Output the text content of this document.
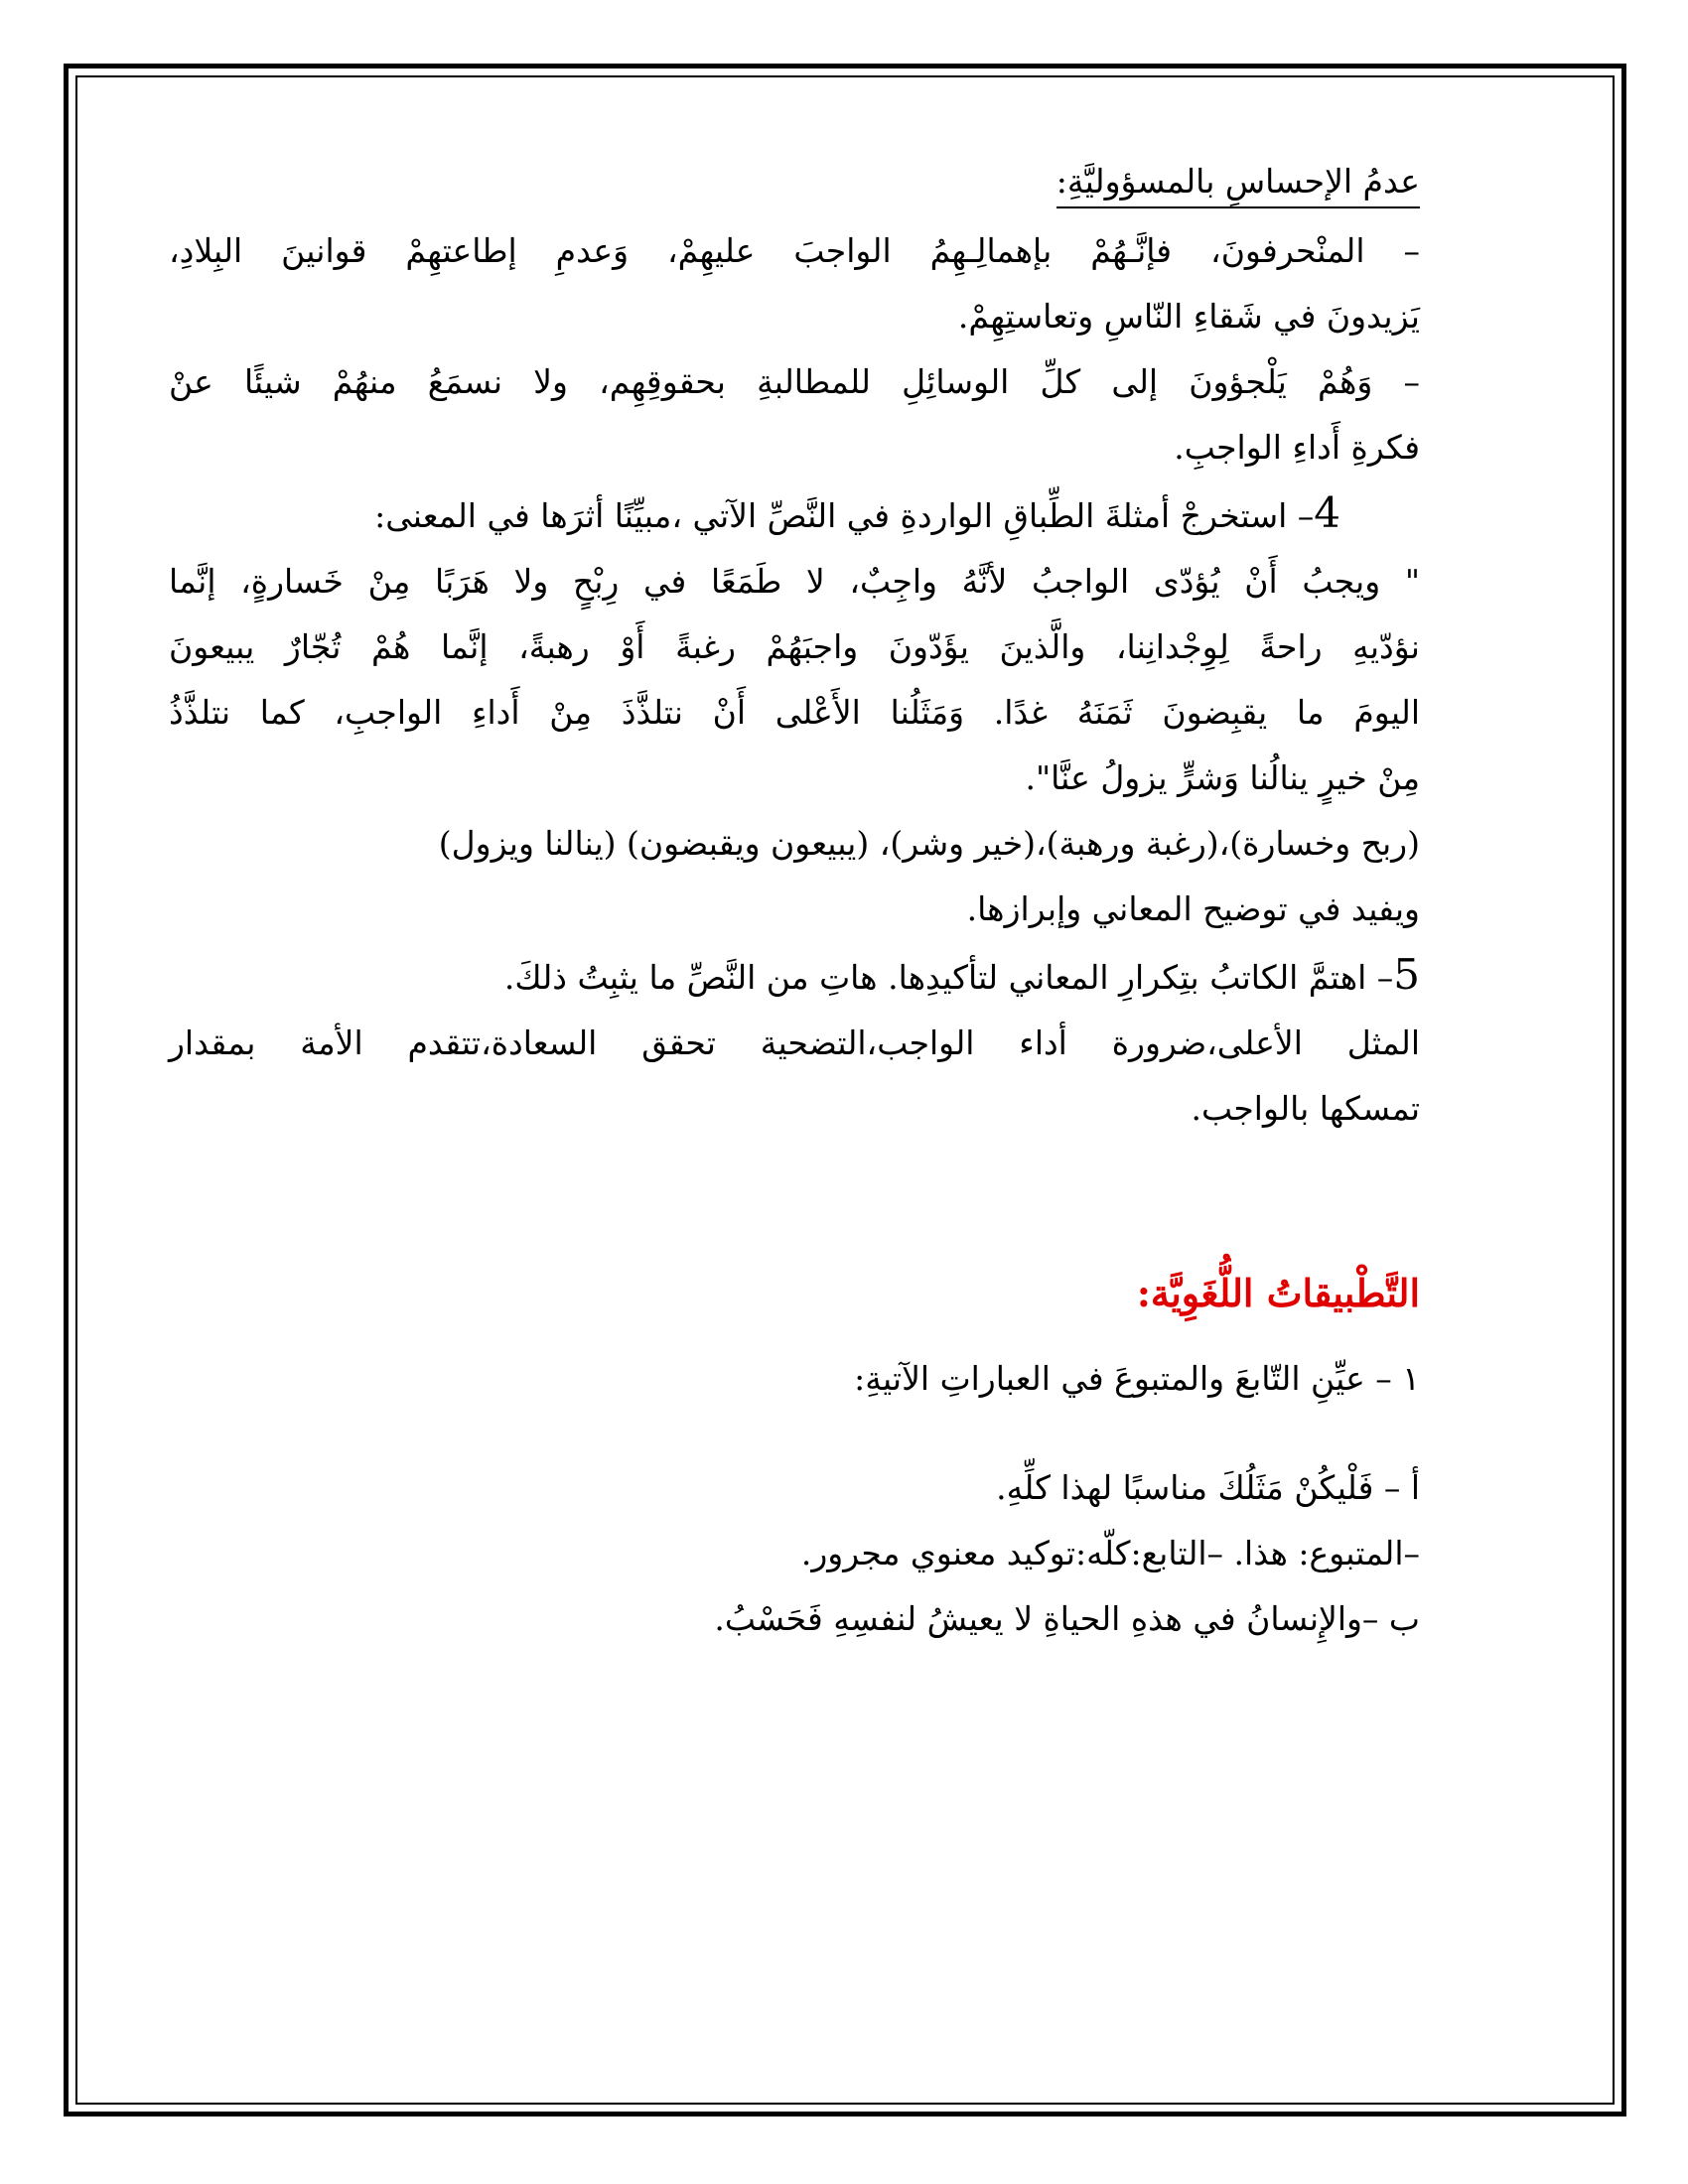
عدمُ الإحساسِ بالمسؤوليَّةِ:
– المنْحرفونَ، فإنَّـهُمْ بإهمالِـهِمُ الواجبَ عليهِمْ، وَعدمِ إطاعتهِمْ قوانينَ البِلادِ،
يَزيدونَ في شَقاءِ النّاسِ وتعاستِهِمْ.
– وَهُمْ يَلْجؤونَ إلى كلِّ الوسائِلِ للمطالبةِ بحقوقِهِم، ولا نسمَعُ منهُمْ شيئًا عنْ
فكرةِ أَداءِ الواجبِ.
4– استخرجْ أمثلةَ الطِّباقِ الواردةِ في النَّصِّ الآتي ،مبيِّنًا أثرَها في المعنى:
" ويجبُ أَنْ يُؤدّى الواجبُ لأنَّهُ واجِبٌ، لا طَمَعًا في رِبْحٍ ولا هَرَبًا مِنْ خَسارةٍ، إنَّما
نؤدّيهِ راحةً لِوِجْدانِنا، والَّذينَ يؤَدّونَ واجبَهُمْ رغبةً أَوْ رهبةً، إنَّما هُمْ تُجّارٌ يبيعونَ
اليومَ ما يقبِضونَ ثَمَنَهُ غدًا. وَمَثَلُنا الأَعْلى أَنْ نتلذَّذَ مِنْ أَداءِ الواجبِ، كما نتلذَّذُ
مِنْ خيرٍ ينالُنا وَشرٍّ يزولُ عنَّا".
(ربح وخسارة)،(رغبة ورهبة)،(خير وشر)، (يبيعون ويقبضون) (ينالنا ويزول)
ويفيد في توضيح المعاني وإبرازها.
5– اهتمَّ الكاتبُ بتِكرارِ المعاني لتأكيدِها. هاتِ من النَّصِّ ما يثبِتُ ذلكَ.
المثل الأعلى،ضرورة أداء الواجب،التضحية تحقق السعادة،تتقدم الأمة بمقدار
تمسكها بالواجب.
التَّطْبيقاتُ اللُّغَوِيَّة:
١ – عيِّنِ التّابعَ والمتبوعَ في العباراتِ الآتيةِ:
أ – فَلْيكُنْ مَثَلُكَ مناسبًا لهذا كلِّهِ.
–المتبوع: هذا. –التابع:كلّه:توكيد معنوي مجرور.
ب –والإِنسانُ في هذهِ الحياةِ لا يعيشُ لنفسِهِ فَحَسْبُ.
